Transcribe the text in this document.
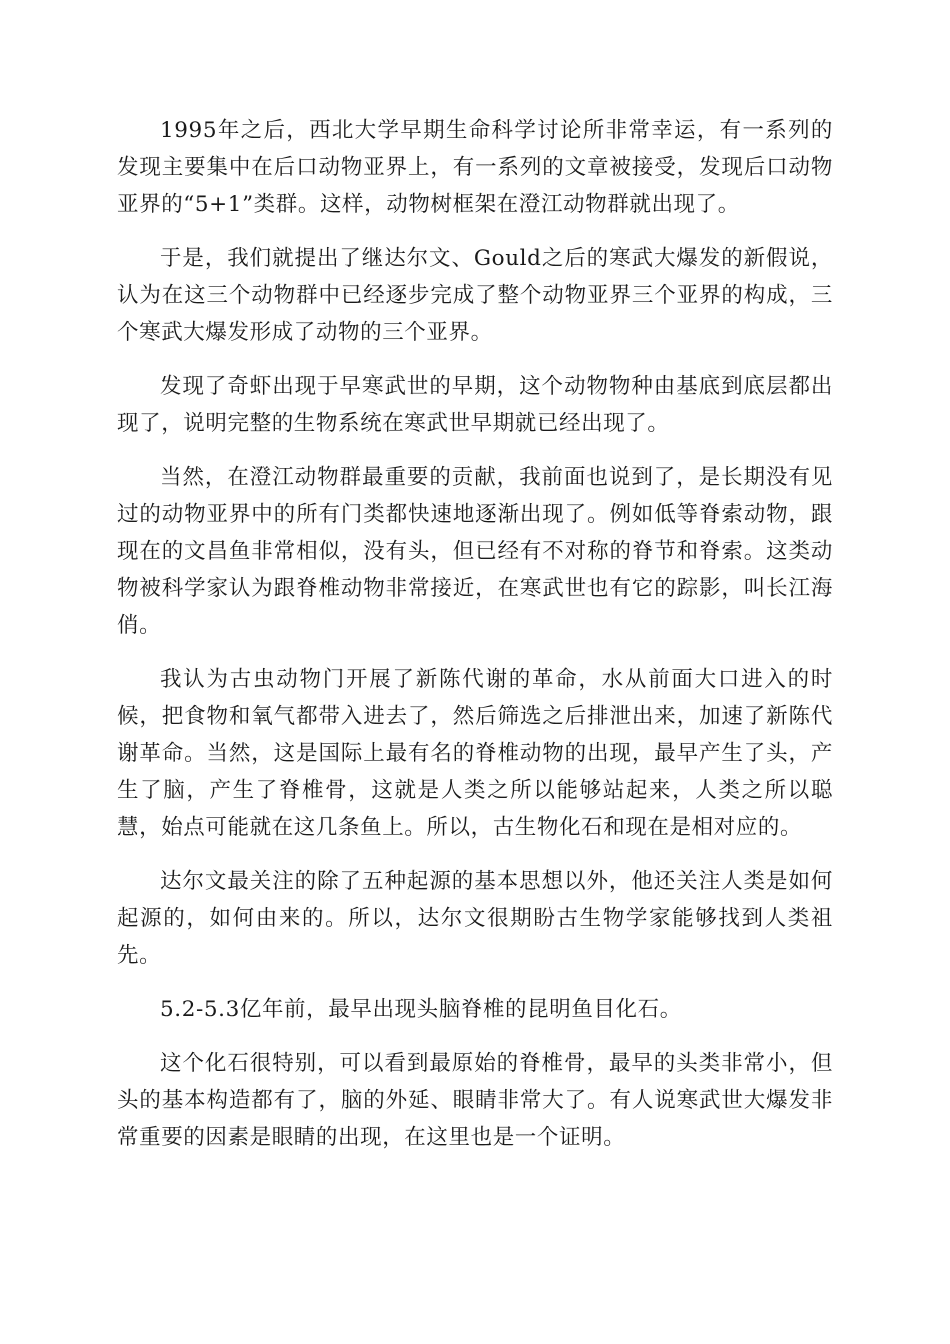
1995年之后，西北大学早期生命科学讨论所非常幸运，有一系列的发现主要集中在后口动物亚界上，有一系列的文章被接受，发现后口动物亚界的“5+1”类群。这样，动物树框架在澄江动物群就出现了。

于是，我们就提出了继达尔文、Gould之后的寒武大爆发的新假说，认为在这三个动物群中已经逐步完成了整个动物亚界三个亚界的构成，三个寒武大爆发形成了动物的三个亚界。

发现了奇虾出现于早寒武世的早期，这个动物物种由基底到底层都出现了，说明完整的生物系统在寒武世早期就已经出现了。

当然，在澄江动物群最重要的贡献，我前面也说到了，是长期没有见过的动物亚界中的所有门类都快速地逐渐出现了。例如低等脊索动物，跟现在的文昌鱼非常相似，没有头，但已经有不对称的脊节和脊索。这类动物被科学家认为跟脊椎动物非常接近，在寒武世也有它的踪影，叫长江海俏。

我认为古虫动物门开展了新陈代谢的革命，水从前面大口进入的时候，把食物和氧气都带入进去了，然后筛选之后排泄出来，加速了新陈代谢革命。当然，这是国际上最有名的脊椎动物的出现，最早产生了头，产生了脑，产生了脊椎骨，这就是人类之所以能够站起来，人类之所以聪慧，始点可能就在这几条鱼上。所以，古生物化石和现在是相对应的。

达尔文最关注的除了五种起源的基本思想以外，他还关注人类是如何起源的，如何由来的。所以，达尔文很期盼古生物学家能够找到人类祖先。

5.2-5.3亿年前，最早出现头脑脊椎的昆明鱼目化石。

这个化石很特别，可以看到最原始的脊椎骨，最早的头类非常小，但头的基本构造都有了，脑的外延、眼睛非常大了。有人说寒武世大爆发非常重要的因素是眼睛的出现，在这里也是一个证明。
